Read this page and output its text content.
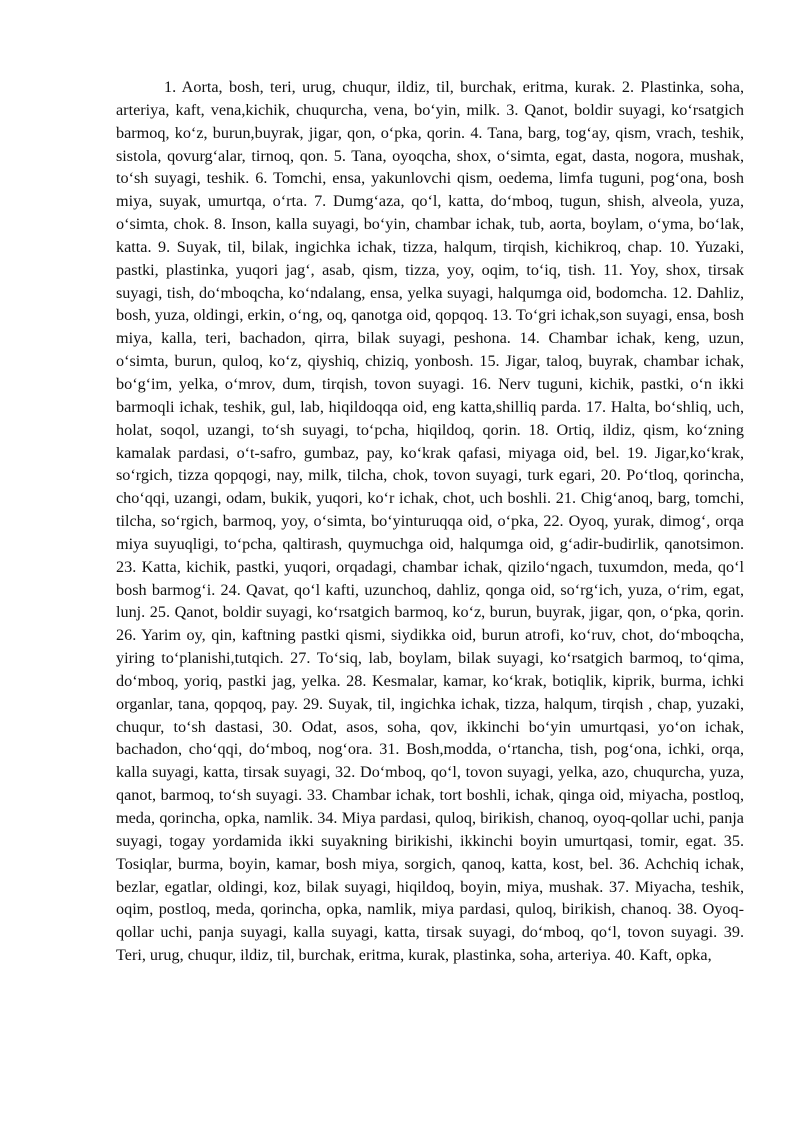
1. Aorta, bosh, teri, urug, chuqur, ildiz, til, burchak, eritma, kurak. 2. Plastinka, soha, arteriya, kaft, vena,kichik, chuqurcha, vena, bo‘yin, milk. 3. Qanot, boldir suyagi, ko‘rsatgich barmoq, ko‘z, burun,buyrak, jigar, qon, o‘pka, qorin. 4. Tana, barg, tog‘ay, qism, vrach, teshik, sistola, qovurg‘alar, tirnoq, qon. 5. Tana, oyoqcha, shox, o‘simta, egat, dasta, nogora, mushak, to‘sh suyagi, teshik. 6. Tomchi, ensa, yakunlovchi qism, oedema, limfa tuguni, pog‘ona, bosh miya, suyak, umurtqa, o‘rta. 7. Dumg‘aza, qo‘l, katta, do‘mboq, tugun, shish, alveola, yuza, o‘simta, chok. 8. Inson, kalla suyagi, bo‘yin, chambar ichak, tub, aorta, boylam, o‘yma, bo‘lak, katta. 9. Suyak, til, bilak, ingichka ichak, tizza, halqum, tirqish, kichikroq, chap. 10. Yuzaki, pastki, plastinka, yuqori jag‘, asab, qism, tizza, yoy, oqim, to‘iq, tish. 11. Yoy, shox, tirsak suyagi, tish, do‘mboqcha, ko‘ndalang, ensa, yelka suyagi, halqumga oid, bodomcha. 12. Dahliz, bosh, yuza, oldingi, erkin, o‘ng, oq, qanotga oid, qopqoq. 13. To‘gri ichak,son suyagi, ensa, bosh miya, kalla, teri, bachadon, qirra, bilak suyagi, peshona. 14. Chambar ichak, keng, uzun, o‘simta, burun, quloq, ko‘z, qiyshiq, chiziq, yonbosh. 15. Jigar, taloq, buyrak, chambar ichak, bo‘g‘im, yelka, o‘mrov, dum, tirqish, tovon suyagi. 16. Nerv tuguni, kichik, pastki, o‘n ikki barmoqli ichak, teshik, gul, lab, hiqildoqqa oid, eng katta,shilliq parda. 17. Halta, bo‘shliq, uch, holat, soqol, uzangi, to‘sh suyagi, to‘pcha, hiqildoq, qorin. 18. Ortiq, ildiz, qism, ko‘zning kamalak pardasi, o‘t-safro, gumbaz, pay, ko‘krak qafasi, miyaga oid, bel. 19. Jigar,ko‘krak, so‘rgich, tizza qopqogi, nay, milk, tilcha, chok, tovon suyagi, turk egari, 20. Po‘tloq, qorincha, cho‘qqi, uzangi, odam, bukik, yuqori, ko‘r ichak, chot, uch boshli. 21. Chig‘anoq, barg, tomchi, tilcha, so‘rgich, barmoq, yoy, o‘simta, bo‘yinturuqqa oid, o‘pka, 22. Oyoq, yurak, dimog‘, orqa miya suyuqligi, to‘pcha, qaltirash, quymuchga oid, halqumga oid, g‘adir-budirlik, qanotsimon. 23. Katta, kichik, pastki, yuqori, orqadagi, chambar ichak, qizilo‘ngach, tuxumdon, meda, qo‘l bosh barmog‘i. 24. Qavat, qo‘l kafti, uzunchoq, dahliz, qonga oid, so‘rg‘ich, yuza, o‘rim, egat, lunj. 25. Qanot, boldir suyagi, ko‘rsatgich barmoq, ko‘z, burun, buyrak, jigar, qon, o‘pka, qorin. 26. Yarim oy, qin, kaftning pastki qismi, siydikka oid, burun atrofi, ko‘ruv, chot, do‘mboqcha, yiring to‘planishi,tutqich. 27. To‘siq, lab, boylam, bilak suyagi, ko‘rsatgich barmoq, to‘qima, do‘mboq, yoriq, pastki jag, yelka. 28. Kesmalar, kamar, ko‘krak, botiqlik, kiprik, burma, ichki organlar, tana, qopqoq, pay. 29. Suyak, til, ingichka ichak, tizza, halqum, tirqish , chap, yuzaki, chuqur, to‘sh dastasi, 30. Odat, asos, soha, qov, ikkinchi bo‘yin umurtqasi, yo‘on ichak, bachadon, cho‘qqi, do‘mboq, nog‘ora. 31. Bosh,modda, o‘rtancha, tish, pog‘ona, ichki, orqa, kalla suyagi, katta, tirsak suyagi, 32. Do‘mboq, qo‘l, tovon suyagi, yelka, azo, chuqurcha, yuza, qanot, barmoq, to‘sh suyagi. 33. Chambar ichak, tort boshli, ichak, qinga oid, miyacha, postloq, meda, qorincha, opka, namlik. 34. Miya pardasi, quloq, birikish, chanoq, oyoq-qollar uchi, panja suyagi, togay yordamida ikki suyakning birikishi, ikkinchi boyin umurtqasi, tomir, egat. 35. Tosiqlar, burma, boyin, kamar, bosh miya, sorgich, qanoq, katta, kost, bel. 36. Achchiq ichak, bezlar, egatlar, oldingi, koz, bilak suyagi, hiqildoq, boyin, miya, mushak. 37. Miyacha, teshik, oqim, postloq, meda, qorincha, opka, namlik, miya pardasi, quloq, birikish, chanoq. 38. Oyoq-qollar uchi, panja suyagi, kalla suyagi, katta, tirsak suyagi, do‘mboq, qo‘l, tovon suyagi. 39. Teri, urug, chuqur, ildiz, til, burchak, eritma, kurak, plastinka, soha, arteriya. 40. Kaft, opka,
